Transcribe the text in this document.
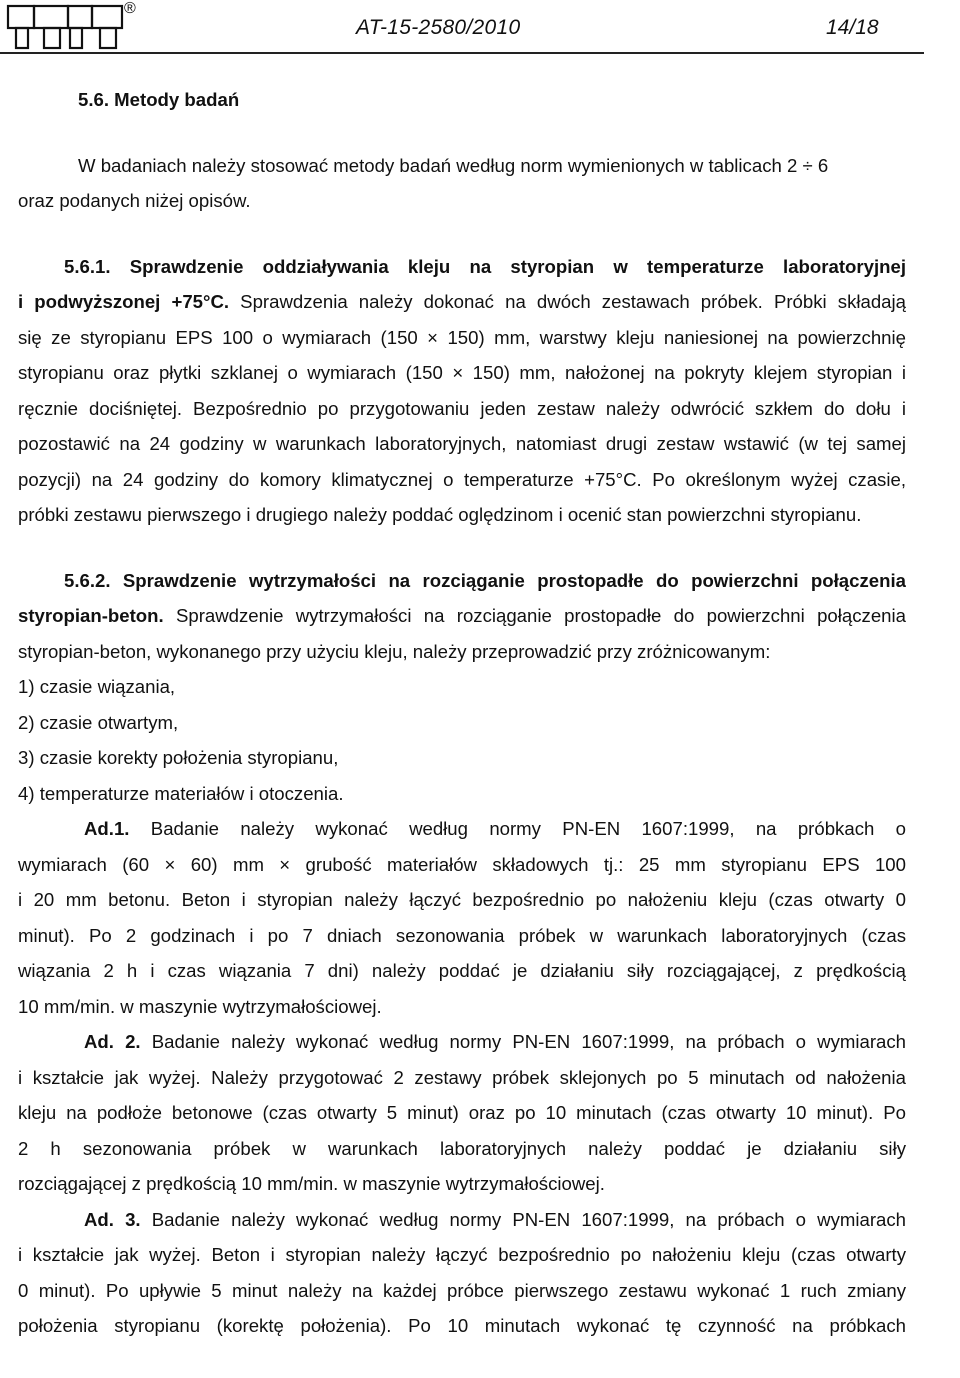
®
AT-15-2580/2010	14/18
5.6. Metody badań
W badaniach należy stosować metody badań według norm wymienionych w tablicach 2 ÷ 6
oraz podanych niżej opisów.
5.6.1. Sprawdzenie oddziaływania kleju na styropian w temperaturze laboratoryjnej
i podwyższonej +75°C. Sprawdzenia należy dokonać na dwóch zestawach próbek. Próbki składają
się ze styropianu EPS 100 o wymiarach (150 × 150) mm, warstwy kleju naniesionej na powierzchnię
styropianu oraz płytki szklanej o wymiarach (150 × 150) mm, nałożonej na pokryty klejem styropian i
ręcznie dociśniętej. Bezpośrednio po przygotowaniu jeden zestaw należy odwrócić szkłem do dołu i
pozostawić na 24 godziny w warunkach laboratoryjnych, natomiast drugi zestaw wstawić (w tej samej
pozycji) na 24 godziny do komory klimatycznej o temperaturze +75°C. Po określonym wyżej czasie,
próbki zestawu pierwszego i drugiego należy poddać oględzinom i ocenić stan powierzchni styropianu.
5.6.2. Sprawdzenie wytrzymałości na rozciąganie prostopadłe do powierzchni połączenia
styropian-beton. Sprawdzenie wytrzymałości na rozciąganie prostopadłe do powierzchni połączenia
styropian-beton, wykonanego przy użyciu kleju, należy przeprowadzić przy zróżnicowanym:
1) czasie wiązania,
2) czasie otwartym,
3) czasie korekty położenia styropianu,
4) temperaturze materiałów i otoczenia.
Ad.1. Badanie należy wykonać według normy PN-EN 1607:1999, na próbkach o
wymiarach (60 × 60) mm × grubość materiałów składowych tj.: 25 mm styropianu EPS 100
i 20 mm betonu. Beton i styropian należy łączyć bezpośrednio po nałożeniu kleju (czas otwarty 0
minut). Po 2 godzinach i po 7 dniach sezonowania próbek w warunkach laboratoryjnych (czas
wiązania 2 h i czas wiązania 7 dni) należy poddać je działaniu siły rozciągającej, z prędkością
10 mm/min. w maszynie wytrzymałościowej.
Ad. 2. Badanie należy wykonać według normy PN-EN 1607:1999, na próbach o wymiarach
i kształcie jak wyżej. Należy przygotować 2 zestawy próbek sklejonych po 5 minutach od nałożenia
kleju na podłoże betonowe (czas otwarty 5 minut) oraz po 10 minutach (czas otwarty 10 minut). Po
2 h sezonowania próbek w warunkach laboratoryjnych należy poddać je działaniu siły
rozciągającej z prędkością 10 mm/min. w maszynie wytrzymałościowej.
Ad. 3. Badanie należy wykonać według normy PN-EN 1607:1999, na próbach o wymiarach
i kształcie jak wyżej. Beton i styropian należy łączyć bezpośrednio po nałożeniu kleju (czas otwarty
0 minut). Po upływie 5 minut należy na każdej próbce pierwszego zestawu wykonać 1 ruch zmiany
położenia styropianu (korektę położenia). Po 10 minutach wykonać tę czynność na próbkach
